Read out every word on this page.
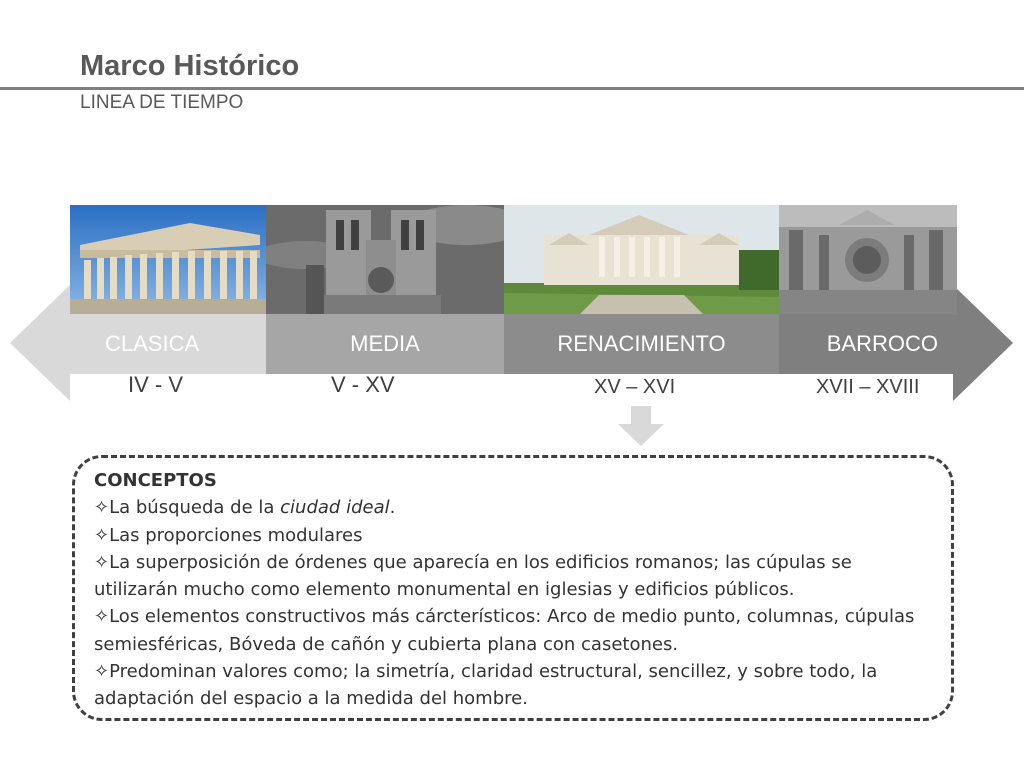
Marco Histórico
LINEA DE TIEMPO
CLASICA	MEDIA	RENACIMIENTO	BARROCO
IV - V	V - XV	XV – XVI	XVII – XVIII

CONCEPTOS

✧La búsqueda de la ciudad ideal.

✧Las proporciones modulares

✧La superposición de órdenes que aparecía en los edificios romanos; las cúpulas se utilizarán mucho como elemento monumental en iglesias y edificios públicos.

✧Los elementos constructivos más cárcterísticos: Arco de medio punto, columnas, cúpulas semiesféricas, Bóveda de cañón y cubierta plana con casetones.

✧Predominan valores como; la simetría, claridad estructural, sencillez, y sobre todo, la adaptación del espacio a la medida del hombre.
